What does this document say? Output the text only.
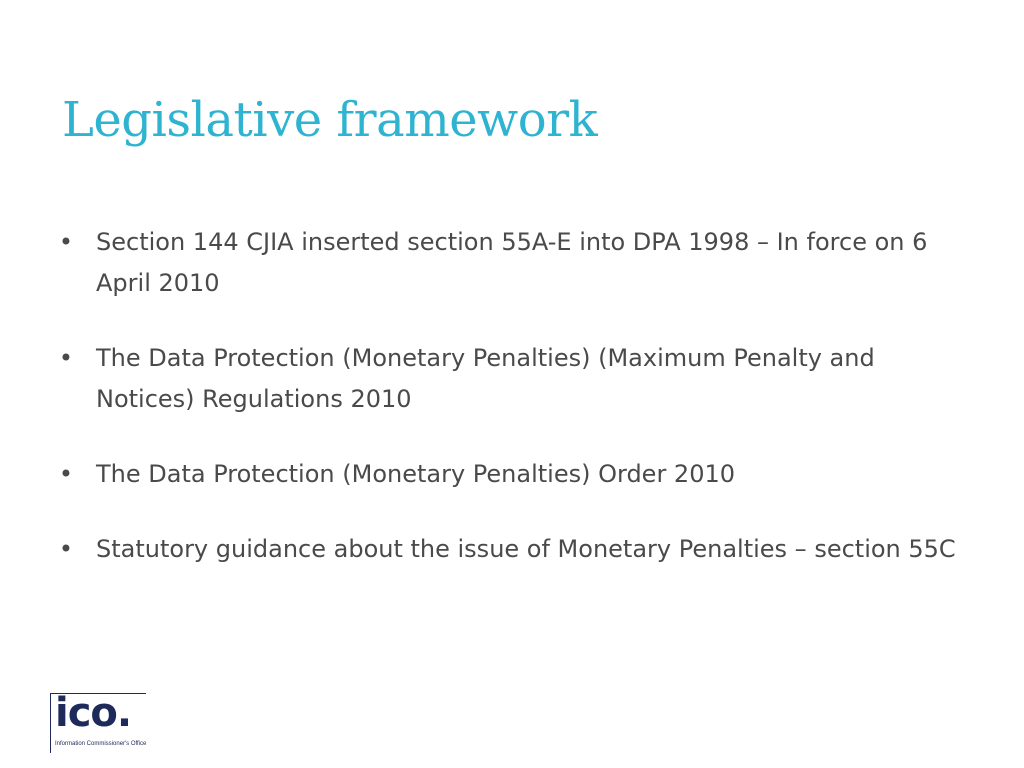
Legislative framework
• Section 144 CJIA inserted section 55A-E into DPA 1998 – In force on 6 April 2010
• The Data Protection (Monetary Penalties) (Maximum Penalty and Notices) Regulations 2010
• The Data Protection (Monetary Penalties) Order 2010
• Statutory guidance about the issue of Monetary Penalties – section 55C
ico.
Information Commissioner's Office
